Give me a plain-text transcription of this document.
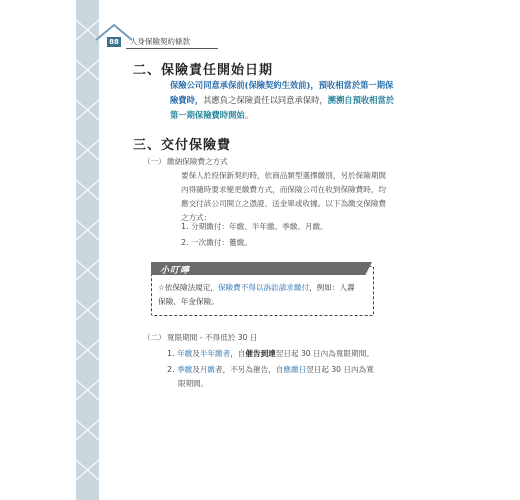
88 人身保險契約條款
二、保險責任開始日期
保險公司同意承保前(保險契約生效前)，預收相當於第一期保險費時，其應負之保險責任以同意承保時，溯溯自預收相當於第一期保險費時開始。
三、交付保險費
（一） 繳納保險費之方式
要保人於投保新契約時，依商品類型選擇繳別，另於保險期間
內得隨時要求變更繳費方式，而保險公司在收到保險費時，均
應交付該公司開立之憑證、送金單或收據。以下為繳交保險費
之方式：
1. 分期繳付：年繳、半年繳、季繳、月繳。
2. 一次繳付：躉繳。
小叮嚀
☆依保險法規定，保險費不得以訴訟請求繳付，例如：人壽
保險、年金保險。
（二） 寬限期間 - 不得低於 30 日
1. 年繳及半年繳者，自催告到達翌日起 30 日內為寬限期間。
2. 季繳及月繳者，不另為催告，自應繳日翌日起 30 日內為寬
限期間。
